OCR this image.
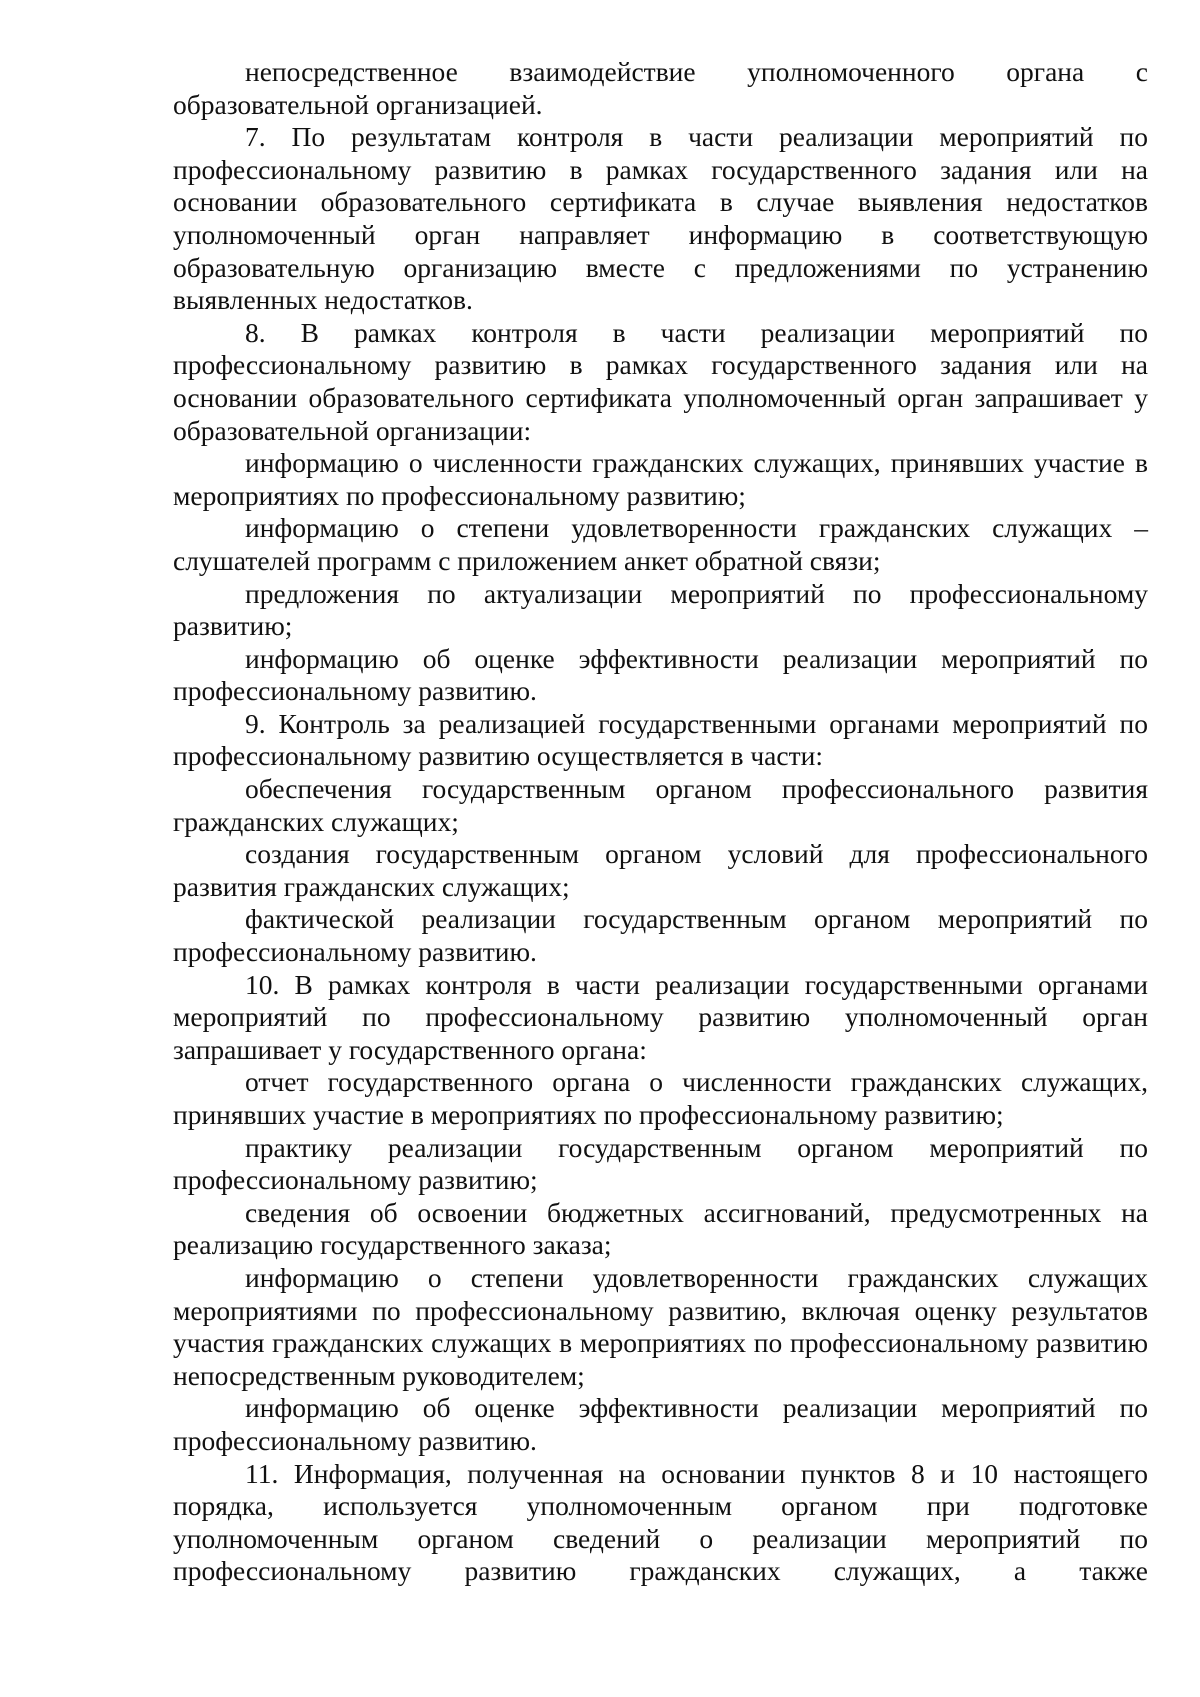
непосредственное взаимодействие уполномоченного органа с образовательной организацией.

7. По результатам контроля в части реализации мероприятий по профессиональному развитию в рамках государственного задания или на основании образовательного сертификата в случае выявления недостатков уполномоченный орган направляет информацию в соответствующую образовательную организацию вместе с предложениями по устранению выявленных недостатков.

8. В рамках контроля в части реализации мероприятий по профессиональному развитию в рамках государственного задания или на основании образовательного сертификата уполномоченный орган запрашивает у образовательной организации:

информацию о численности гражданских служащих, принявших участие в мероприятиях по профессиональному развитию;

информацию о степени удовлетворенности гражданских служащих – слушателей программ с приложением анкет обратной связи;

предложения по актуализации мероприятий по профессиональному развитию;

информацию об оценке эффективности реализации мероприятий по профессиональному развитию.

9. Контроль за реализацией государственными органами мероприятий по профессиональному развитию осуществляется в части:

обеспечения государственным органом профессионального развития гражданских служащих;

создания государственным органом условий для профессионального развития гражданских служащих;

фактической реализации государственным органом мероприятий по профессиональному развитию.

10. В рамках контроля в части реализации государственными органами мероприятий по профессиональному развитию уполномоченный орган запрашивает у государственного органа:

отчет государственного органа о численности гражданских служащих, принявших участие в мероприятиях по профессиональному развитию;

практику реализации государственным органом мероприятий по профессиональному развитию;

сведения об освоении бюджетных ассигнований, предусмотренных на реализацию государственного заказа;

информацию о степени удовлетворенности гражданских служащих мероприятиями по профессиональному развитию, включая оценку результатов участия гражданских служащих в мероприятиях по профессиональному развитию непосредственным руководителем;

информацию об оценке эффективности реализации мероприятий по профессиональному развитию.

11. Информация, полученная на основании пунктов 8 и 10 настоящего порядка, используется уполномоченным органом при подготовке уполномоченным органом сведений о реализации мероприятий по профессиональному развитию гражданских служащих, а также
